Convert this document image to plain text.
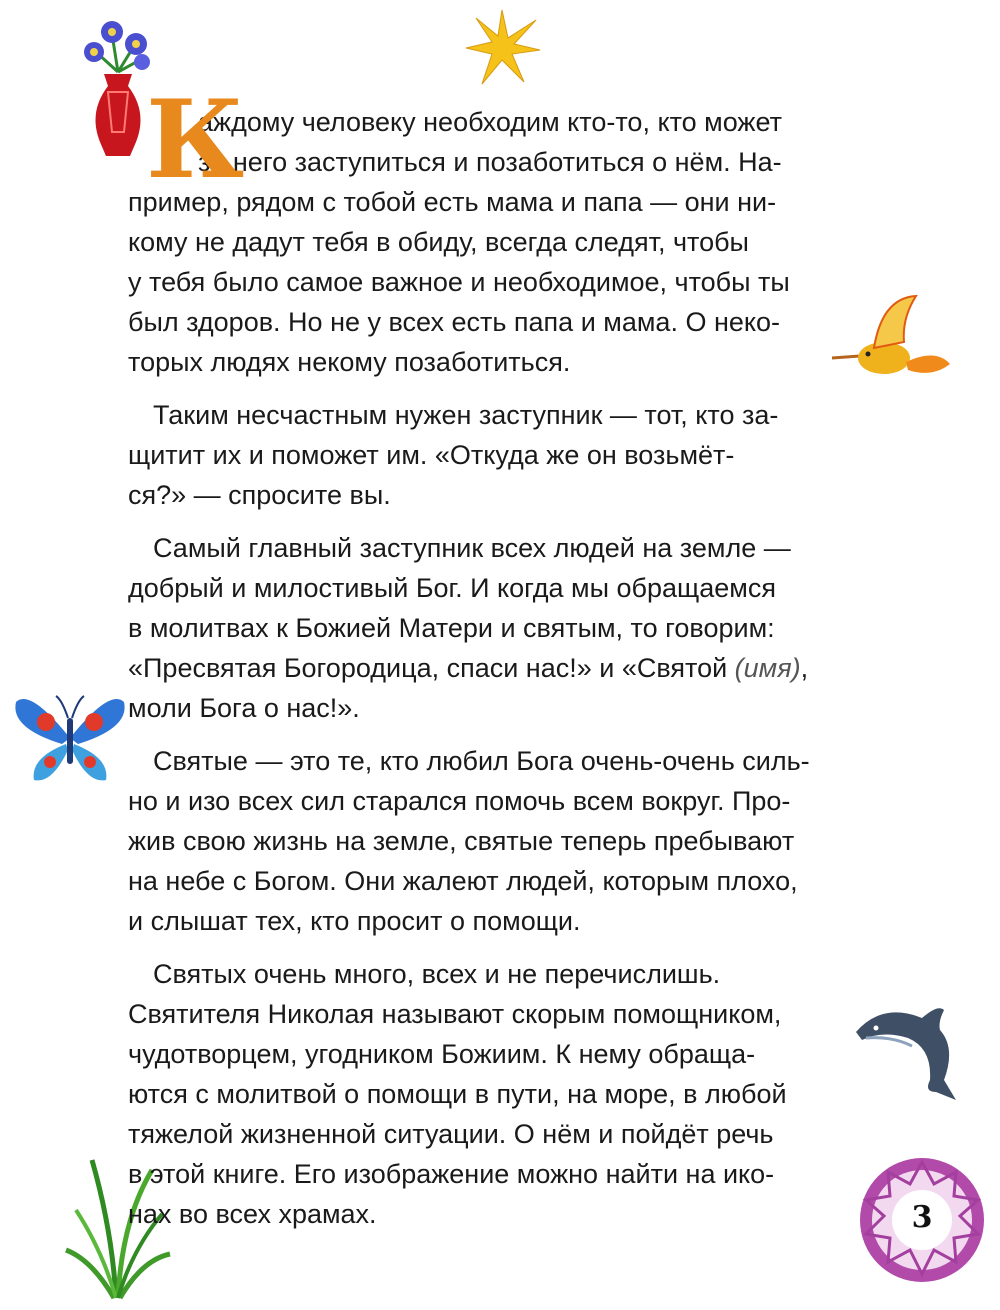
3
К
аждому человеку необходим кто-то, кто может
за него заступиться и позаботиться о нём. На-
пример, рядом с тобой есть мама и папа — они ни-
кому не дадут тебя в обиду, всегда следят, чтобы
у тебя было самое важное и необходимое, чтобы ты
был здоров. Но не у всех есть папа и мама. О неко-
торых людях некому позаботиться.
Таким несчастным нужен заступник — тот, кто за-
щитит их и поможет им. «Откуда же он возьмёт-
ся?» — спросите вы.
Самый главный заступник всех людей на земле —
добрый и милостивый Бог. И когда мы обращаемся
в молитвах к Божией Матери и святым, то говорим:
«Пресвятая Богородица, спаси нас!» и «Святой (имя),
моли Бога о нас!».
Святые — это те, кто любил Бога очень-очень силь-
но и изо всех сил старался помочь всем вокруг. Про-
жив свою жизнь на земле, святые теперь пребывают
на небе с Богом. Они жалеют людей, которым плохо,
и слышат тех, кто просит о помощи.
Святых очень много, всех и не перечислишь.
Святителя Николая называют скорым помощником,
чудотворцем, угодником Божиим. К нему обраща-
ются с молитвой о помощи в пути, на море, в любой
тяжелой жизненной ситуации. О нём и пойдёт речь
в этой книге. Его изображение можно найти на ико-
нах во всех храмах.
